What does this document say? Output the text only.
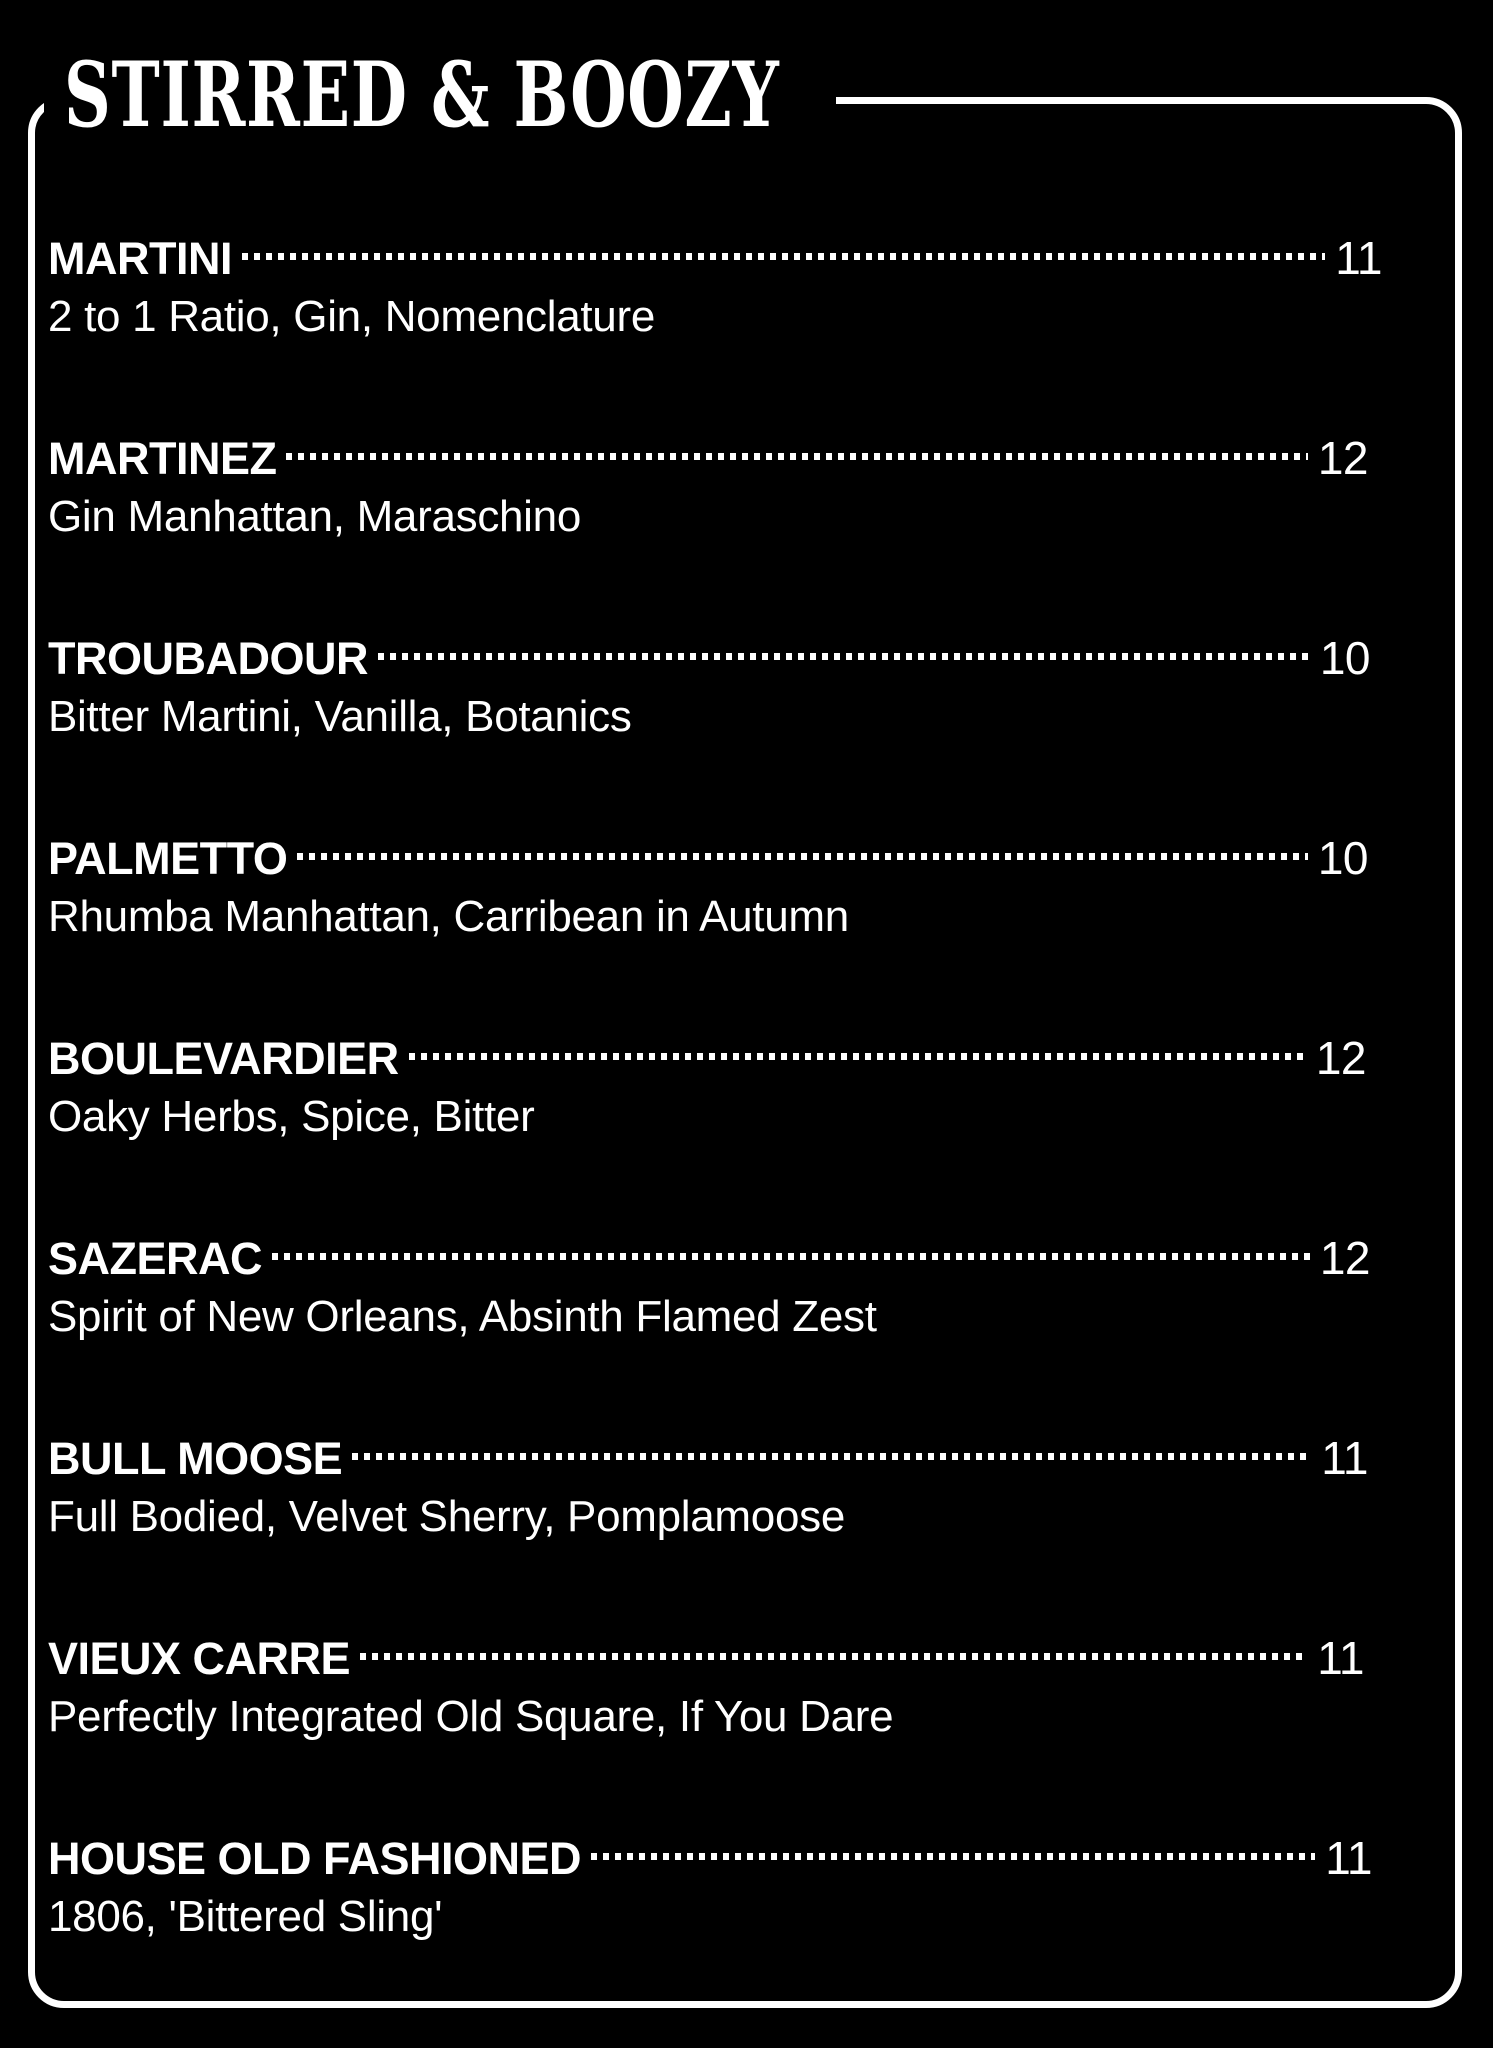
STIRRED & BOOZY
MARTINI	11
2 to 1 Ratio, Gin, Nomenclature
MARTINEZ	12
Gin Manhattan, Maraschino
TROUBADOUR	10
Bitter Martini, Vanilla, Botanics
PALMETTO	10
Rhumba Manhattan, Carribean in Autumn
BOULEVARDIER	12
Oaky Herbs, Spice, Bitter
SAZERAC	12
Spirit of New Orleans, Absinth Flamed Zest
BULL MOOSE	11
Full Bodied, Velvet Sherry, Pomplamoose
VIEUX CARRE	11
Perfectly Integrated Old Square, If You Dare
HOUSE OLD FASHIONED	11
1806, 'Bittered Sling'
